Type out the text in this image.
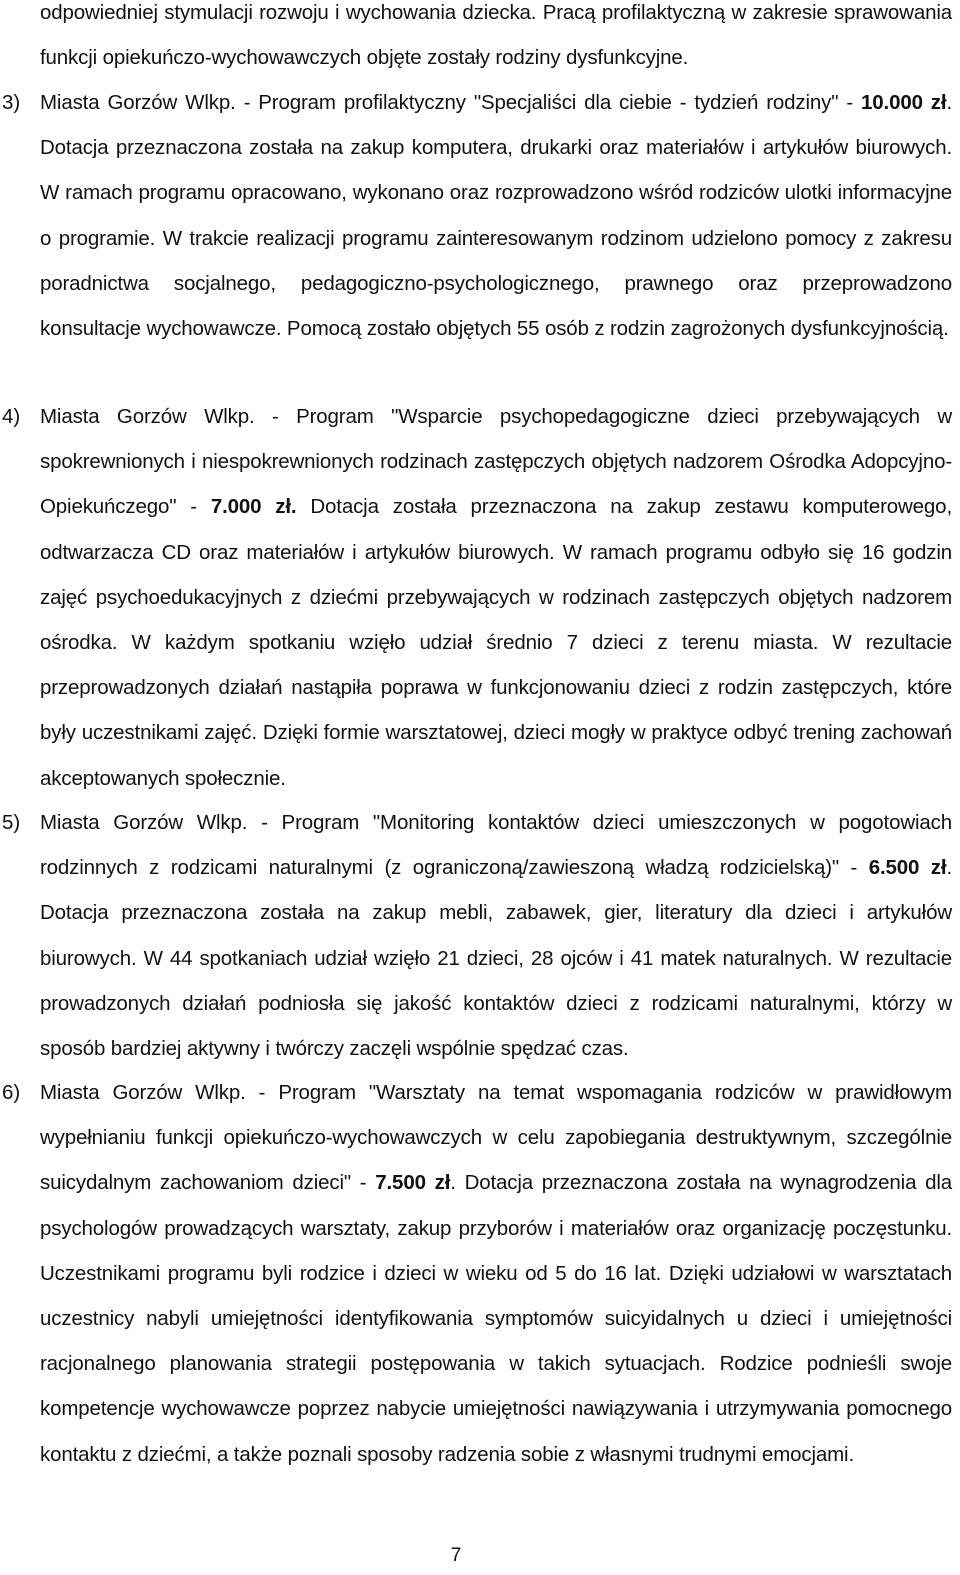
odpowiedniej stymulacji rozwoju i wychowania dziecka. Pracą profilaktyczną w zakresie sprawowania funkcji opiekuńczo-wychowawczych objęte zostały rodziny dysfunkcyjne.
3) Miasta Gorzów Wlkp. - Program profilaktyczny "Specjaliści dla ciebie - tydzień rodziny" - 10.000 zł. Dotacja przeznaczona została na zakup komputera, drukarki oraz materiałów i artykułów biurowych. W ramach programu opracowano, wykonano oraz rozprowadzono wśród rodziców ulotki informacyjne o programie. W trakcie realizacji programu zainteresowanym rodzinom udzielono pomocy z zakresu poradnictwa socjalnego, pedagogiczno-psychologicznego, prawnego oraz przeprowadzono konsultacje wychowawcze. Pomocą zostało objętych 55 osób z rodzin zagrożonych dysfunkcyjnością.
4) Miasta Gorzów Wlkp. - Program "Wsparcie psychopedagogiczne dzieci przebywających w spokrewnionych i niespokrewnionych rodzinach zastępczych objętych nadzorem Ośrodka Adopcyjno-Opiekuńczego" - 7.000 zł. Dotacja została przeznaczona na zakup zestawu komputerowego, odtwarzacza CD oraz materiałów i artykułów biurowych. W ramach programu odbyło się 16 godzin zajęć psychoedukacyjnych z dziećmi przebywających w rodzinach zastępczych objętych nadzorem ośrodka. W każdym spotkaniu wzięło udział średnio 7 dzieci z terenu miasta. W rezultacie przeprowadzonych działań nastąpiła poprawa w funkcjonowaniu dzieci z rodzin zastępczych, które były uczestnikami zajęć. Dzięki formie warsztatowej, dzieci mogły w praktyce odbyć trening zachowań akceptowanych społecznie.
5) Miasta Gorzów Wlkp. - Program "Monitoring kontaktów dzieci umieszczonych w pogotowiach rodzinnych z rodzicami naturalnymi (z ograniczoną/zawieszoną władzą rodzicielską)" - 6.500 zł. Dotacja przeznaczona została na zakup mebli, zabawek, gier, literatury dla dzieci i artykułów biurowych. W 44 spotkaniach udział wzięło 21 dzieci, 28 ojców i 41 matek naturalnych. W rezultacie prowadzonych działań podniosła się jakość kontaktów dzieci z rodzicami naturalnymi, którzy w sposób bardziej aktywny i twórczy zaczęli wspólnie spędzać czas.
6) Miasta Gorzów Wlkp. - Program "Warsztaty na temat wspomagania rodziców w prawidłowym wypełnianiu funkcji opiekuńczo-wychowawczych w celu zapobiegania destruktywnym, szczególnie suicydalnym zachowaniom dzieci" - 7.500 zł. Dotacja przeznaczona została na wynagrodzenia dla psychologów prowadzących warsztaty, zakup przyborów i materiałów oraz organizację poczęstunku. Uczestnikami programu byli rodzice i dzieci w wieku od 5 do 16 lat. Dzięki udziałowi w warsztatach uczestnicy nabyli umiejętności identyfikowania symptomów suicyidalnych u dzieci i umiejętności racjonalnego planowania strategii postępowania w takich sytuacjach. Rodzice podnieśli swoje kompetencje wychowawcze poprzez nabycie umiejętności nawiązywania i utrzymywania pomocnego kontaktu z dziećmi, a także poznali sposoby radzenia sobie z własnymi trudnymi emocjami.
7
